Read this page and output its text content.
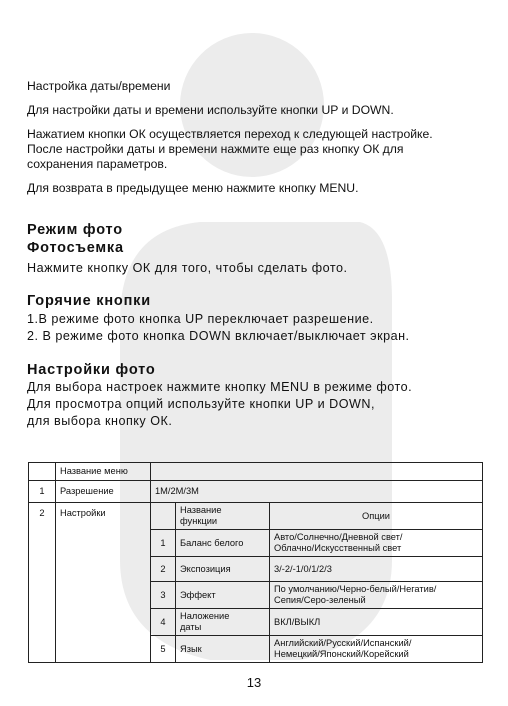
Настройка даты/времени

Для настройки даты и времени используйте кнопки UP и DOWN.

Нажатием кнопки ОК осуществляется переход к следующей настройке.

После настройки даты и времени нажмите еще раз кнопку ОК для

сохранения параметров.

Для возврата в предыдущее меню нажмите кнопку MENU.

Режим фото

Фотосъемка

Нажмите кнопку ОК для того, чтобы сделать фото.

Горячие кнопки

1.В режиме фото кнопка UP переключает разрешение.

2. В режиме фото кнопка DOWN включает/выключает экран.

Настройки фото

Для выбора настроек нажмите кнопку MENU в режиме фото.

Для просмотра опций используйте кнопки UP и DOWN,

для выбора кнопку ОК.

	Название меню			
1	Разрешение	1M/2M/3M		
2	Настройки		Название
функции	Опции
		1	Баланс белого	Авто/Солнечно/Дневной свет/
Облачно/Искусственный свет
		2	Экспозиция	3/-2/-1/0/1/2/3
		3	Эффект	По умолчанию/Черно-белый/Негатив/
Сепия/Серо-зеленый
		4	Наложение
даты	ВКЛ/ВЫКЛ
		5	Язык	Английский/Русский/Испанский/
Немецкий/Японский/Корейский
13
